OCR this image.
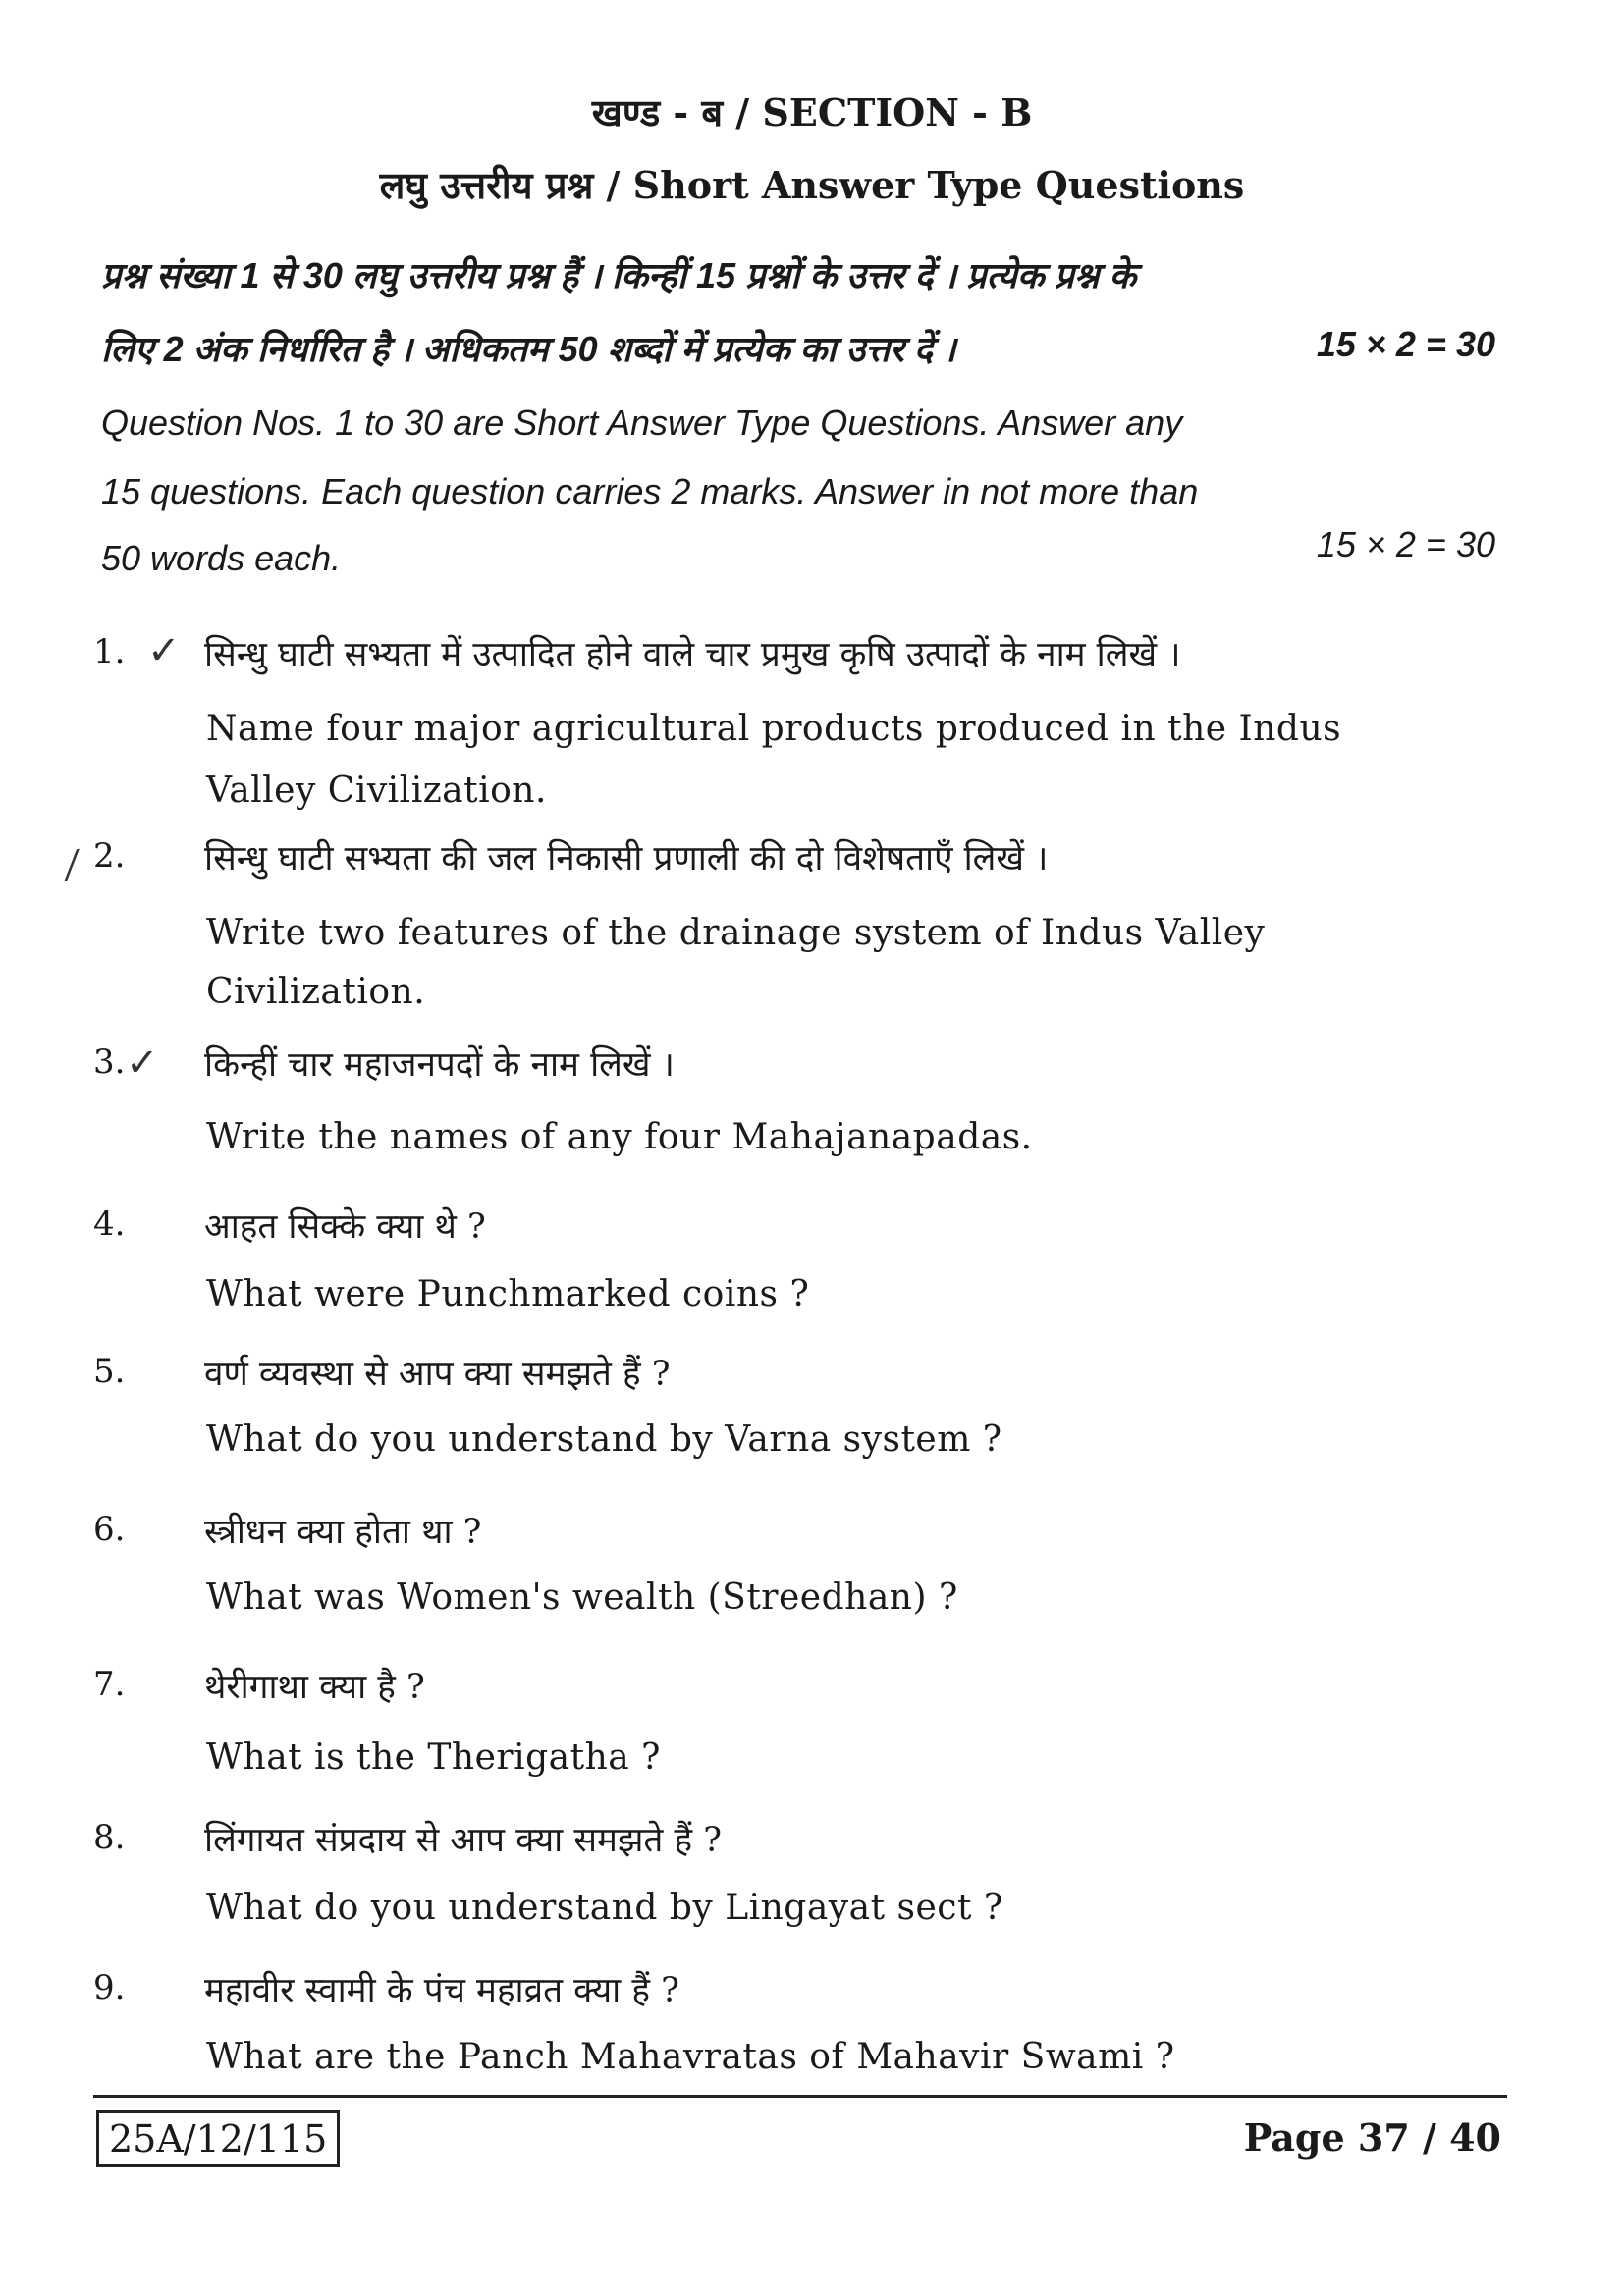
खण्ड - ब / SECTION - B
लघु उत्तरीय प्रश्न / Short Answer Type Questions
प्रश्न संख्या 1 से 30 लघु उत्तरीय प्रश्न हैं । किन्हीं 15 प्रश्नों के उत्तर दें । प्रत्येक प्रश्न के
लिए 2 अंक निर्धारित है । अधिकतम 50 शब्दों में प्रत्येक का उत्तर दें ।	15 × 2 = 30
Question Nos. 1 to 30 are Short Answer Type Questions. Answer any
15 questions. Each question carries 2 marks. Answer in not more than
50 words each.	15 × 2 = 30
✓
⁄
✓
1. सिन्धु घाटी सभ्यता में उत्पादित होने वाले चार प्रमुख कृषि उत्पादों के नाम लिखें ।
Name four major agricultural products produced in the Indus
Valley Civilization.
2. सिन्धु घाटी सभ्यता की जल निकासी प्रणाली की दो विशेषताएँ लिखें ।
Write two features of the drainage system of Indus Valley
Civilization.
3. किन्हीं चार महाजनपदों के नाम लिखें ।
Write the names of any four Mahajanapadas.
4. आहत सिक्के क्या थे ?
What were Punchmarked coins ?
5. वर्ण व्यवस्था से आप क्या समझते हैं ?
What do you understand by Varna system ?
6. स्त्रीधन क्या होता था ?
What was Women's wealth (Streedhan) ?
7. थेरीगाथा क्या है ?
What is the Therigatha ?
8. लिंगायत संप्रदाय से आप क्या समझते हैं ?
What do you understand by Lingayat sect ?
9. महावीर स्वामी के पंच महाव्रत क्या हैं ?
What are the Panch Mahavratas of Mahavir Swami ?
25A/12/115	Page 37 / 40
